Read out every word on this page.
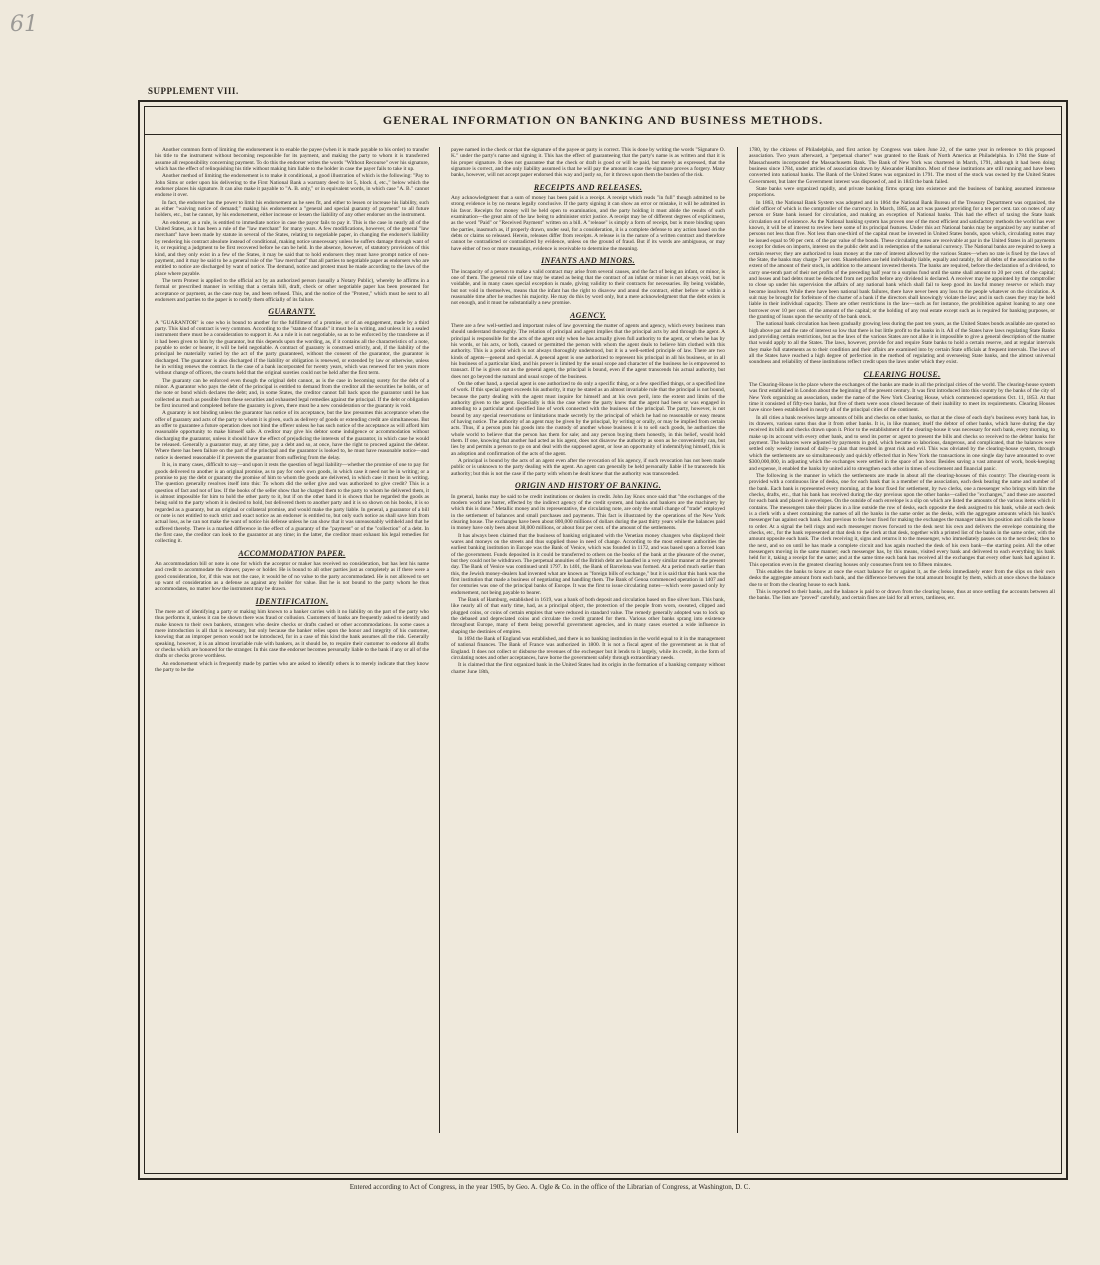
61
SUPPLEMENT VIII.
GENERAL INFORMATION ON BANKING AND BUSINESS METHODS.

Another common form of limiting the endorsement is to enable the payee (when it is made payable to his order) to transfer his title to the instrument without becoming responsible for its payment, and making the party to whom it is transferred assume all responsibility concerning payment. To do this the endorser writes the words "Without Recourse" over his signature, which has the effect of relinquishing his title without making him liable to the holder in case the payer fails to take it up.

Another method of limiting the endorsement is to make it conditional, a good illustration of which is the following: "Pay to John Sims or order upon his delivering to the First National Bank a warranty deed to lot 5, block 4, etc.," below which the endorser places his signature. It can also make it payable to "A. B. only," or in equivalent words, in which case "A. B." cannot endorse it over.

In fact, the endorser has the power to limit his endorsement as he sees fit, and either to lessen or increase his liability, such as either "waiving notice of demand;" making his endorsement a "general and special guaranty of payment" to all future holders, etc., but he cannot, by his endorsement, either increase or lessen the liability of any other endorser on the instrument.

An endorser, as a rule, is entitled to immediate notice in case the payor fails to pay it. This is the case in nearly all of the United States, as it has been a rule of the "law merchant" for many years. A few modifications, however, of the general "law merchant" have been made by statute in several of the States, relating to negotiable paper, in changing the endorser's liability by rendering his contract absolute instead of conditional, making notice unnecessary unless he suffers damage through want of it, or requiring a judgment to be first recovered before he can be held. In the absence, however, of statutory provisions of this kind, and they only exist in a few of the States, it may be said that to hold endorsers they must have prompt notice of non-payment, and it may be said to be a general rule of the "law merchant" that all parties to negotiable paper as endorsers who are entitled to notice are discharged by want of notice. The demand, notice and protest must be made according to the laws of the place where payable.

The term Protest is applied to the official act by an authorized person (usually a Notary Public), whereby he affirms in a formal or prescribed manner in writing that a certain bill, draft, check or other negotiable paper has been presented for acceptance or payment, as the case may be, and been refused. This, and the notice of the "Protest," which must be sent to all endorsers and parties to the paper is to notify them officially of its failure.

GUARANTY.

A "GUARANTOR" is one who is bound to another for the fulfillment of a promise, or of an engagement, made by a third party. This kind of contract is very common. According to the "statute of frauds" it must be in writing, and unless it is a sealed instrument there must be a consideration to support it. As a rule it is not negotiable, so as to be enforced by the transferee as if it had been given to him by the guarantor, but this depends upon the wording, as, if it contains all the characteristics of a note, payable to order or bearer, it will be held negotiable. A contract of guaranty is construed strictly, and, if the liability of the principal be materially varied by the act of the party guaranteed, without the consent of the guarantor, the guarantor is discharged. The guarantor is also discharged if the liability or obligation is renewed, or extended by law or otherwise, unless he in writing renews the contract. In the case of a bank incorporated for twenty years, which was renewed for ten years more without change of officers, the courts held that the original sureties could not be held after the first term.

The guaranty can be enforced even though the original debt cannot, as is the case in becoming surety for the debt of a minor. A guarantor who pays the debt of the principal is entitled to demand from the creditor all the securities he holds, or of the note or bond which declares the debt; and, in some States, the creditor cannot fall back upon the guarantor until he has collected as much as possible from these securities and exhausted legal remedies against the principal. If the debt or obligation be first incurred and completed before the guaranty is given, there must be a new consideration or the guaranty is void.

A guaranty is not binding unless the guarantor has notice of its acceptance, but the law presumes this acceptance when the offer of guaranty and acts of the party to whom it is given, such as delivery of goods or extending credit are simultaneous. But an offer to guarantee a future operation does not bind the offerer unless he has such notice of the acceptance as will afford him reasonable opportunity to make himself safe. A creditor may give his debtor some indulgence or accommodation without discharging the guarantor, unless it should have the effect of prejudicing the interests of the guarantor, in which case he would be released. Generally a guarantor may, at any time, pay a debt and so, at once, have the right to proceed against the debtor. Where there has been failure on the part of the principal and the guarantor is looked to, he must have reasonable notice—and notice is deemed reasonable if it prevents the guarantor from suffering from the delay.

It is, in many cases, difficult to say—and upon it rests the question of legal liability—whether the promise of one to pay for goods delivered to another is an original promise, as to pay for one's own goods, in which case it need not be in writing; or a promise to pay the debt or guaranty the promise of him to whom the goods are delivered, in which case it must be in writing. The question generally resolves itself into this: To whom did the seller give and was authorized to give credit? This is a question of fact and not of law. If the books of the seller show that he charged them to the party to whom he delivered them, it is almost impossible for him to hold the other party to it, but if on the other hand it is shown that he regarded the goods as being sold to the party whom it is desired to hold, but delivered them to another party and it is so shown on his books, it is so regarded as a guaranty, but an original or collateral promise, and would make the party liable. In general, a guarantor of a bill or note is not entitled to such strict and exact notice as an endorser is entitled to, but only such notice as shall save him from actual loss, as he can not make the want of notice his defense unless he can show that it was unreasonably withheld and that he suffered thereby. There is a marked difference in the effect of a guaranty of the "payment" or of the "collection" of a debt. In the first case, the creditor can look to the guarantor at any time; in the latter, the creditor must exhaust his legal remedies for collecting it.

ACCOMMODATION PAPER.

An accommodation bill or note is one for which the acceptor or maker has received no consideration, but has lent his name and credit to accommodate the drawer, payee or holder. He is bound to all other parties just as completely as if there were a good consideration, for, if this was not the case, it would be of no value to the party accommodated. He is not allowed to set up want of consideration as a defense as against any holder for value. But he is not bound to the party whom he thus accommodates, no matter how the instrument may be drawn.

IDENTIFICATION.

The mere act of identifying a party or making him known to a banker carries with it no liability on the part of the party who thus performs it, unless it can be shown there was fraud or collusion. Customers of banks are frequently asked to identify and make known to their own bankers, strangers who desire checks or drafts cashed or other accommodations. In some cases a mere introduction is all that is necessary, but only because the banker relies upon the honor and integrity of his customer, knowing that an improper person would not be introduced, for in a case of this kind the bank assumes all the risk. Generally speaking, however, it is an almost invariable rule with bankers, as it should be, to require their customer to endorse all drafts or checks which are honored for the stranger. In this case the endorser becomes personally liable to the bank if any or all of the drafts or checks prove worthless.

An endorsement which is frequently made by parties who are asked to identify others is to merely indicate that they know the party to be the

payee named in the check or that the signature of the payee or party is correct. This is done by writing the words "Signature O. K." under the party's name and signing it. This has the effect of guaranteeing that the party's name is as written and that it is his proper signature. It does not guarantee that the check or draft is good or will be paid, but merely as expressed, that the signature is correct, and the only liability assumed is that he will pay the amount in case the signature proves a forgery. Many banks, however, will not accept paper endorsed this way and justly so, for it throws upon them the burden of the risk.

RECEIPTS AND RELEASES.

Any acknowledgment that a sum of money has been paid is a receipt. A receipt which reads "in full" though admitted to be strong evidence is by no means legally conclusive. If the party signing it can show an error or mistake, it will be admitted in his favor. Receipts for money will be held open to examination, and the party holding it must abide the results of such examination—the great aim of the law being to administer strict justice. A receipt may be of different degrees of explicitness, as the word "Paid" or "Received Payment" written on a bill. A "release" is simply a form of receipt, but is more binding upon the parties, inasmuch as, if properly drawn, under seal, for a consideration, it is a complete defense to any action based on the debts or claims so released. Herein, releases differ from receipts. A release is in the nature of a written contract and therefore cannot be contradicted or contradicted by evidence, unless on the ground of fraud. But if its words are ambiguous, or may have either of two or more meanings, evidence is receivable to determine the meaning.

INFANTS AND MINORS.

The incapacity of a person to make a valid contract may arise from several causes, and the fact of being an infant, or minor, is one of them. The general rule of law may be stated as being that the contract of an infant or minor is not always void, but is voidable, and in many cases special exception is made, giving validity to their contracts for necessaries. By being voidable, but not void in themselves, means that the infant has the right to disavow and annul the contract, either before or within a reasonable time after he reaches his majority. He may do this by word only, but a mere acknowledgment that the debt exists is not enough, and it must be substantially a new promise.

AGENCY.

There are a few well-settled and important rules of law governing the matter of agents and agency, which every business man should understand thoroughly. The relation of principal and agent implies that the principal acts by and through the agent. A principal is responsible for the acts of the agent only when he has actually given full authority to the agent, or when he has by his words, or his acts, or both, caused or permitted the person with whom the agent deals to believe him clothed with this authority. This is a point which is not always thoroughly understood, but it is a well-settled principle of law. There are two kinds of agents—general and special. A general agent is one authorized to represent his principal in all his business, or in all his business of a particular kind, and his power is limited by the usual scope and character of the business he is empowered to transact. If he is given out as the general agent, the principal is bound, even if the agent transcends his actual authority, but does not go beyond the natural and usual scope of the business.

On the other hand, a special agent is one authorized to do only a specific thing, or a few specified things, or a specified line of work. If this special agent exceeds his authority, it may be stated as an almost invariable rule that the principal is not bound, because the party dealing with the agent must inquire for himself and at his own peril, into the extent and limits of the authority given to the agent. Especially is this the case where the party knew that the agent had been or was engaged in attending to a particular and specified line of work connected with the business of the principal. The party, however, is not bound by any special reservations or limitations made secretly by the principal of which he had no reasonable or easy means of having notice. The authority of an agent may be given by the principal, by writing or orally, or may be implied from certain acts. Thus, if a person puts his goods into the custody of another whose business it is to sell such goods, he authorizes the whole world to believe that the person has them for sale; and any person buying them honestly, in this belief, would hold them. If one, knowing that another had acted as his agent, does not disavow the authority as soon as he conveniently can, but lies by and permits a person to go on and deal with the supposed agent, or lose an opportunity of indemnifying himself, this is an adoption and confirmation of the acts of the agent.

A principal is bound by the acts of an agent even after the revocation of his agency, if such revocation has not been made public or is unknown to the party dealing with the agent. An agent can generally be held personally liable if he transcends his authority; but this is not the case if the party with whom he dealt knew that the authority was transcended.

ORIGIN AND HISTORY OF BANKING.

In general, banks may be said to be credit institutions or dealers in credit. John Jay Knox once said that "the exchanges of the modern world are barter, effected by the indirect agency of the credit system, and banks and bankers are the machinery by which this is done." Metallic money and its representative, the circulating note, are only the small change of "trade" employed in the settlement of balances and small purchases and payments. This fact is illustrated by the operations of the New York clearing house. The exchanges have been about 800,000 millions of dollars during the past thirty years while the balances paid in money have only been about 38,000 millions, or about four per cent. of the amount of the settlements.

It has always been claimed that the business of banking originated with the Venetian money changers who displayed their wares and moneys on the streets and thus supplied those in need of change. According to the most eminent authorities the earliest banking institution in Europe was the Bank of Venice, which was founded in 1172, and was based upon a forced loan of the government. Funds deposited in it could be transferred to others on the books of the bank at the pleasure of the owner, but they could not be withdrawn. The perpetual annuities of the British debt are handled in a very similar manner at the present day. The Bank of Venice was continued until 1797. In 1401, the Bank of Barcelona was formed. At a period much earlier than this, the Jewish money-dealers had invented what are known as "foreign bills of exchange," but it is said that this bank was the first institution that made a business of negotiating and handling them. The Bank of Genoa commenced operation in 1407 and for centuries was one of the principal banks of Europe. It was the first to issue circulating notes—which were passed only by endorsement, not being payable to bearer.

The Bank of Hamburg, established in 1619, was a bank of both deposit and circulation based on fine silver bars. This bank, like nearly all of that early time, had, as a principal object, the protection of the people from worn, sweated, clipped and plugged coins, or coins of certain empires that were reduced in standard value. The remedy generally adopted was to lock up the debased and depreciated coins and circulate the credit granted for them. Various other banks sprang into existence throughout Europe, many of them being powerful government agencies, and in many cases exerted a wide influence in shaping the destinies of empires.

In 1694 the Bank of England was established, and there is no banking institution in the world equal to it in the management of national finances. The Bank of France was authorized in 1800. It is not a fiscal agent of the government as is that of England. It does not collect or disburse the revenues of the exchequer but it lends to it largely, while its credit, in the form of circulating notes and other acceptances, have borne the government safely through extraordinary needs.

It is claimed that the first organized bank in the United States had its origin in the formation of a banking company without charter June 18th,

1780, by the citizens of Philadelphia, and first action by Congress was taken June 22, of the same year in reference to this proposed association. Two years afterward, a "perpetual charter" was granted to the Bank of North America at Philadelphia. In 1784 the State of Massachusetts incorporated the Massachusetts Bank. The Bank of New York was chartered in March, 1791, although it had been doing business since 1784, under articles of association drawn by Alexander Hamilton. Most of these institutions are still running and have been converted into national banks. The Bank of the United States was organized in 1791. The most of the stock was owned by the United States Government, but later the Government interest was disposed of, and in 1843 the bank failed.

State banks were organized rapidly, and private banking firms sprang into existence and the business of banking assumed immense proportions.

In 1863, the National Bank System was adopted and in 1864 the National Bank Bureau of the Treasury Department was organized, the chief officer of which is the comptroller of the currency. In March, 1865, an act was passed providing for a ten per cent. tax on notes of any person or State bank issued for circulation, and making an exception of National banks. This had the effect of taxing the State bank circulation out of existence. As the National banking system has proven one of the most efficient and satisfactory methods the world has ever known, it will be of interest to review here some of its principal features. Under this act National banks may be organized by any number of persons not less than five. Not less than one-third of the capital must be invested in United States bonds, upon which, circulating notes may be issued equal to 90 per cent. of the par value of the bonds. These circulating notes are receivable at par in the United States in all payments except for duties on imports, interest on the public debt and in redemption of the national currency. The National banks are required to keep a certain reserve; they are authorized to loan money at the rate of interest allowed by the various States—when no rate is fixed by the laws of the State, the banks may charge 7 per cent. Shareholders are held individually liable, equally and ratably, for all debts of the association to the extent of the amount of their stock, in addition to the amount invested therein. The banks are required, before the declaration of a dividend, to carry one-tenth part of their net profits of the preceding half year to a surplus fund until the same shall amount to 20 per cent. of the capital; and losses and bad debts must be deducted from net profits before any dividend is declared. A receiver may be appointed by the comptroller to close up under his supervision the affairs of any national bank which shall fail to keep good its lawful money reserve or which may become insolvent. While there have been national bank failures, there have never been any loss to the people whatever on the circulation. A suit may be brought for forfeiture of the charter of a bank if the directors shall knowingly violate the law; and in such cases they may be held liable in their individual capacity. There are other restrictions in the law—such as for instance, the prohibition against loaning to any one borrower over 10 per cent. of the amount of the capital; or the holding of any real estate except such as is required for banking purposes, or the granting of loans upon the security of the bank stock.

The national bank circulation has been gradually growing less during the past ten years, as the United States bonds available are quoted so high above par and the rate of interest so low that there is but little profit to the banks in it. All of the States have laws regulating State Banks and providing certain restrictions, but as the laws of the various States are not alike it is impossible to give a general description of the matter that would apply to all the States. The laws, however, provide for and require State banks to hold a certain reserve, and at regular intervals they make full statements as to their condition and their affairs are examined into by certain State officials at frequent intervals. The laws of all the States have reached a high degree of perfection in the method of regulating and overseeing State banks, and the almost universal soundness and reliability of these institutions reflect credit upon the laws under which they exist.

CLEARING HOUSE.

The Clearing-House is the place where the exchanges of the banks are made in all the principal cities of the world. The clearing-house system was first established in London about the beginning of the present century. It was first introduced into this country by the banks of the city of New York organizing an association, under the name of the New York Clearing House, which commenced operations Oct. 11, 1853. At that time it consisted of fifty-two banks, but five of them were soon closed because of their inability to meet its requirements. Clearing Houses have since been established in nearly all of the principal cities of the continent.

In all cities a bank receives large amounts of bills and checks on other banks, so that at the close of each day's business every bank has, in its drawers, various sums thus due it from other banks. It is, in like manner, itself the debtor of other banks, which have during the day received its bills and checks drawn upon it. Prior to the establishment of the clearing-house it was necessary for each bank, every morning, to make up its account with every other bank, and to send its porter or agent to present the bills and checks so received to the debtor banks for payment. The balances were adjusted by payments in gold, which became so laborious, dangerous, and complicated, that the balances were settled only weekly instead of daily—a plan that resulted in great risk and evil. This was obviated by the clearing-house system, through which the settlements are so simultaneously and quickly effected that in New York the transactions in one single day have amounted to over $300,000,000, in adjusting which the exchanges were settled in the space of an hour. Besides saving a vast amount of work, book-keeping and expense, it enabled the banks by united aid to strengthen each other in times of excitement and financial panic.

The following is the manner in which the settlements are made in about all the clearing-houses of this country: The clearing-room is provided with a continuous line of desks, one for each bank that is a member of the association, each desk bearing the name and number of the bank. Each bank is represented every morning, at the hour fixed for settlement, by two clerks, one a messenger who brings with him the checks, drafts, etc., that his bank has received during the day previous upon the other banks—called the "exchanges," and these are assorted for each bank and placed in envelopes. On the outside of each envelope is a slip on which are listed the amounts of the various items which it contains. The messengers take their places in a line outside the row of desks, each opposite the desk assigned to his bank, while at each desk is a clerk with a sheet containing the names of all the banks in the same order as the desks, with the aggregate amounts which his bank's messenger has against each bank. Just previous to the hour fixed for making the exchanges the manager takes his position and calls the house to order. At a signal the bell rings and each messenger moves forward to the desk next his own and delivers the envelope containing the checks, etc., for the bank represented at that desk to the clerk at that desk, together with a printed list of the banks in the same order, with the amount opposite each bank. The clerk receiving it, signs and returns it to the messenger, who immediately passes on to the next desk; then to the next, and so on until he has made a complete circuit and has again reached the desk of his own bank—the starting point. All the other messengers moving in the same manner; each messenger has, by this means, visited every bank and delivered to each everything his bank held for it, taking a receipt for the same; and at the same time each bank has received all the exchanges that every other bank had against it. This operation even in the greatest clearing houses only consumes from ten to fifteen minutes.

This enables the banks to know at once the exact balance for or against it, as the clerks immediately enter from the slips on their own desks the aggregate amount from each bank, and the difference between the total amount brought by them, which at once shows the balance due to or from the clearing house to each bank.

This is reported to their banks, and the balance is paid to or drawn from the clearing house, thus at once settling the accounts between all the banks. The lists are "proved" carefully, and certain fines are laid for all errors, tardiness, etc.

Entered according to Act of Congress, in the year 1905, by Geo. A. Ogle & Co. in the office of the Librarian of Congress, at Washington, D. C.
